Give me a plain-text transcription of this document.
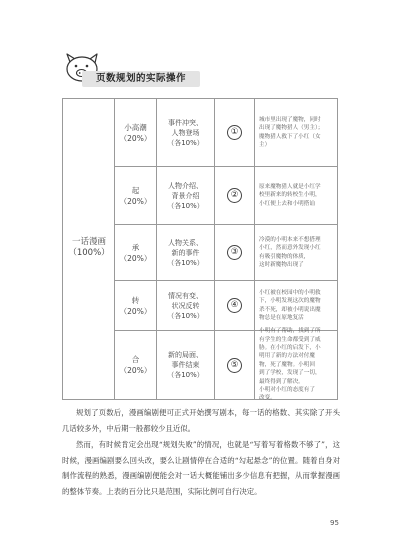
页数规划的实际操作
一话漫画
（100%）
小高潮
（20%）
事件冲突、
人物登场
（各10%）
①
城市里出现了魔物，同时
出现了魔物猎人（男主）；
魔物猎人救下了小红（女
主）
起
（20%）
人物介绍、
背景介绍
（各10%）
②
原来魔物猎人就是小红学
校里新来的转校生小明，
小红便上去和小明搭讪
承
（20%）
人物关系、
新的事件
（各10%）
③
冷漠的小明本来不想搭理
小红，然而意外发现小红
有吸引魔物的体质，
这时新魔物出现了
转
（20%）
情况有变、
状况反转
（各10%）
④
小红被在校园中的小明救
下，小明发现这次的魔物
杀不死，却被小明说出魔
物总是在原地复活
合
（20%）
新的局面、
事件结束
（各10%）
⑤
小明有了帮助，找到了所
有学生的生命都受到了威
胁。在小红的启发下，小
明用了新的方法对付魔
物，死了魔物。小明回
到了学校，发现了一切，
最终得到了解决。
小明对小红的态度有了
改变。

规划了页数后，漫画编剧便可正式开始撰写剧本，每一话的格数、其实除了开头几话较多外，中后期一般都较少且近似。

然而，有时候肯定会出现“规划失败”的情况，也就是“写着写着格数不够了”，这时候，漫画编剧要么回头改，要么让剧情停在合适的“勾起悬念”的位置。随着自身对制作流程的熟悉，漫画编剧便能会对一话大概能铺出多少信息有把握，从而掌握漫画的整体节奏。上表的百分比只是范围，实际比例可自行决定。

95
